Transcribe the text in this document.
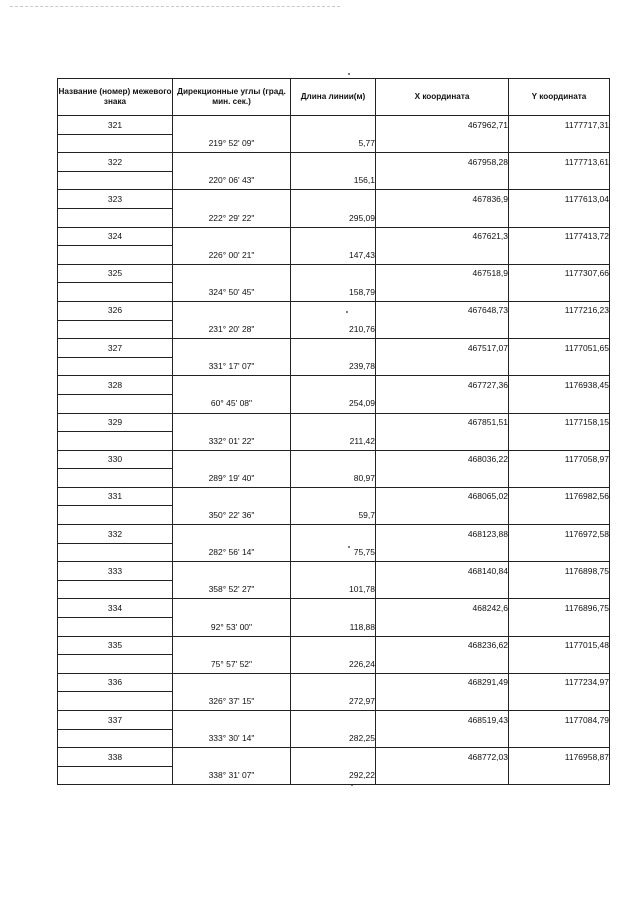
Название (номер) межевого знака	Дирекционные углы (град. мин. сек.)	Длина линии(м)	X координата	Y координата
321			467962,71	1177717,31
	219° 52' 09"	5,77		
322			467958,28	1177713,61
	220° 06' 43"	156,1		
323			467836,9	1177613,04
	222° 29' 22"	295,09		
324			467621,3	1177413,72
	226° 00' 21"	147,43		
325			467518,9	1177307,66
	324° 50' 45"	158,79		
326			467648,73	1177216,23
	231° 20' 28"	210,76		
327			467517,07	1177051,65
	331° 17' 07"	239,78		
328			467727,36	1176938,45
	60° 45' 08"	254,09		
329			467851,51	1177158,15
	332° 01' 22"	211,42		
330			468036,22	1177058,97
	289° 19' 40"	80,97		
331			468065,02	1176982,56
	350° 22' 36"	59,7		
332			468123,88	1176972,58
	282° 56' 14"	75,75		
333			468140,84	1176898,75
	358° 52' 27"	101,78		
334			468242,6	1176896,75
	92° 53' 00"	118,88		
335			468236,62	1177015,48
	75° 57' 52"	226,24		
336			468291,49	1177234,97
	326° 37' 15"	272,97		
337			468519,43	1177084,79
	333° 30' 14"	282,25		
338			468772,03	1176958,87
	338° 31' 07"	292,22		
